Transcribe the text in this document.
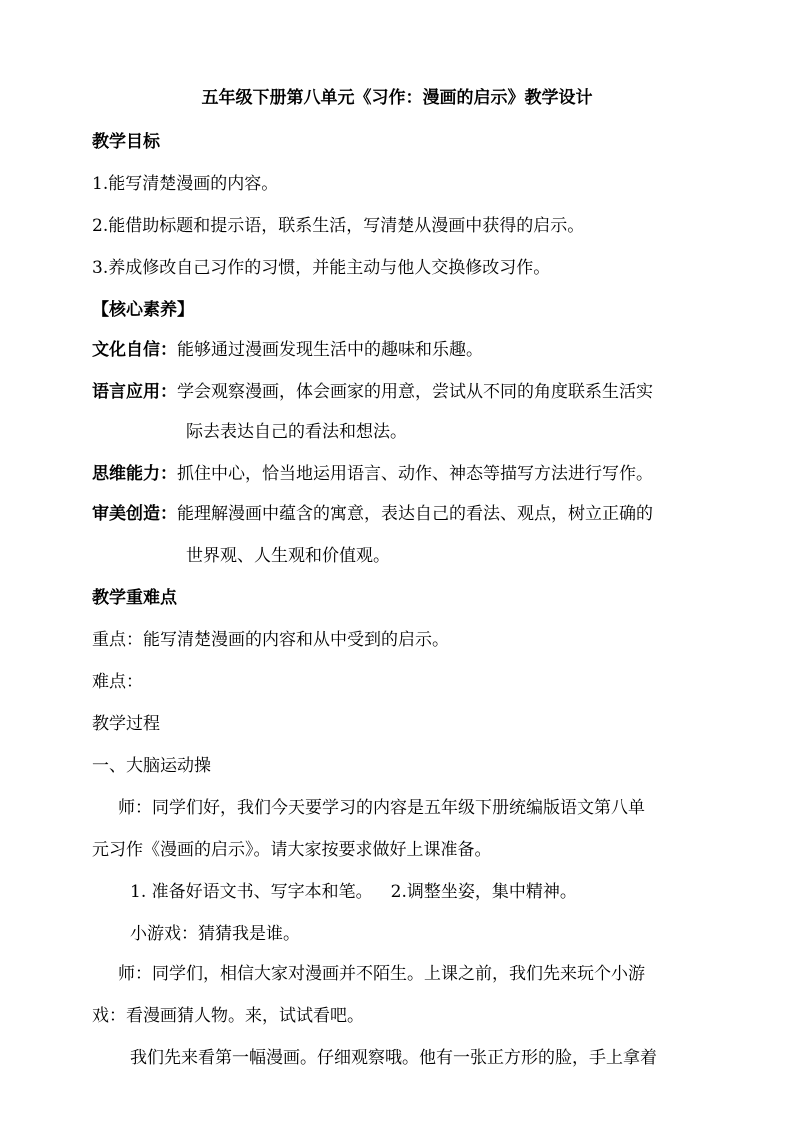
五年级下册第八单元《习作：漫画的启示》教学设计
教学目标
1.能写清楚漫画的内容。
2.能借助标题和提示语，联系生活，写清楚从漫画中获得的启示。
3.养成修改自己习作的习惯，并能主动与他人交换修改习作。
【核心素养】
文化自信：能够通过漫画发现生活中的趣味和乐趣。
语言应用：学会观察漫画，体会画家的用意，尝试从不同的角度联系生活实
际去表达自己的看法和想法。
思维能力：抓住中心，恰当地运用语言、动作、神态等描写方法进行写作。
审美创造：能理解漫画中蕴含的寓意，表达自己的看法、观点，树立正确的
世界观、人生观和价值观。
教学重难点
重点：能写清楚漫画的内容和从中受到的启示。
难点：
教学过程
一、大脑运动操
师：同学们好，我们今天要学习的内容是五年级下册统编版语文第八单
元习作《漫画的启示》。请大家按要求做好上课准备。
1. 准备好语文书、写字本和笔。 2.调整坐姿，集中精神。
小游戏：猜猜我是谁。
师：同学们，相信大家对漫画并不陌生。上课之前，我们先来玩个小游
戏：看漫画猜人物。来，试试看吧。
我们先来看第一幅漫画。仔细观察哦。他有一张正方形的脸，手上拿着
